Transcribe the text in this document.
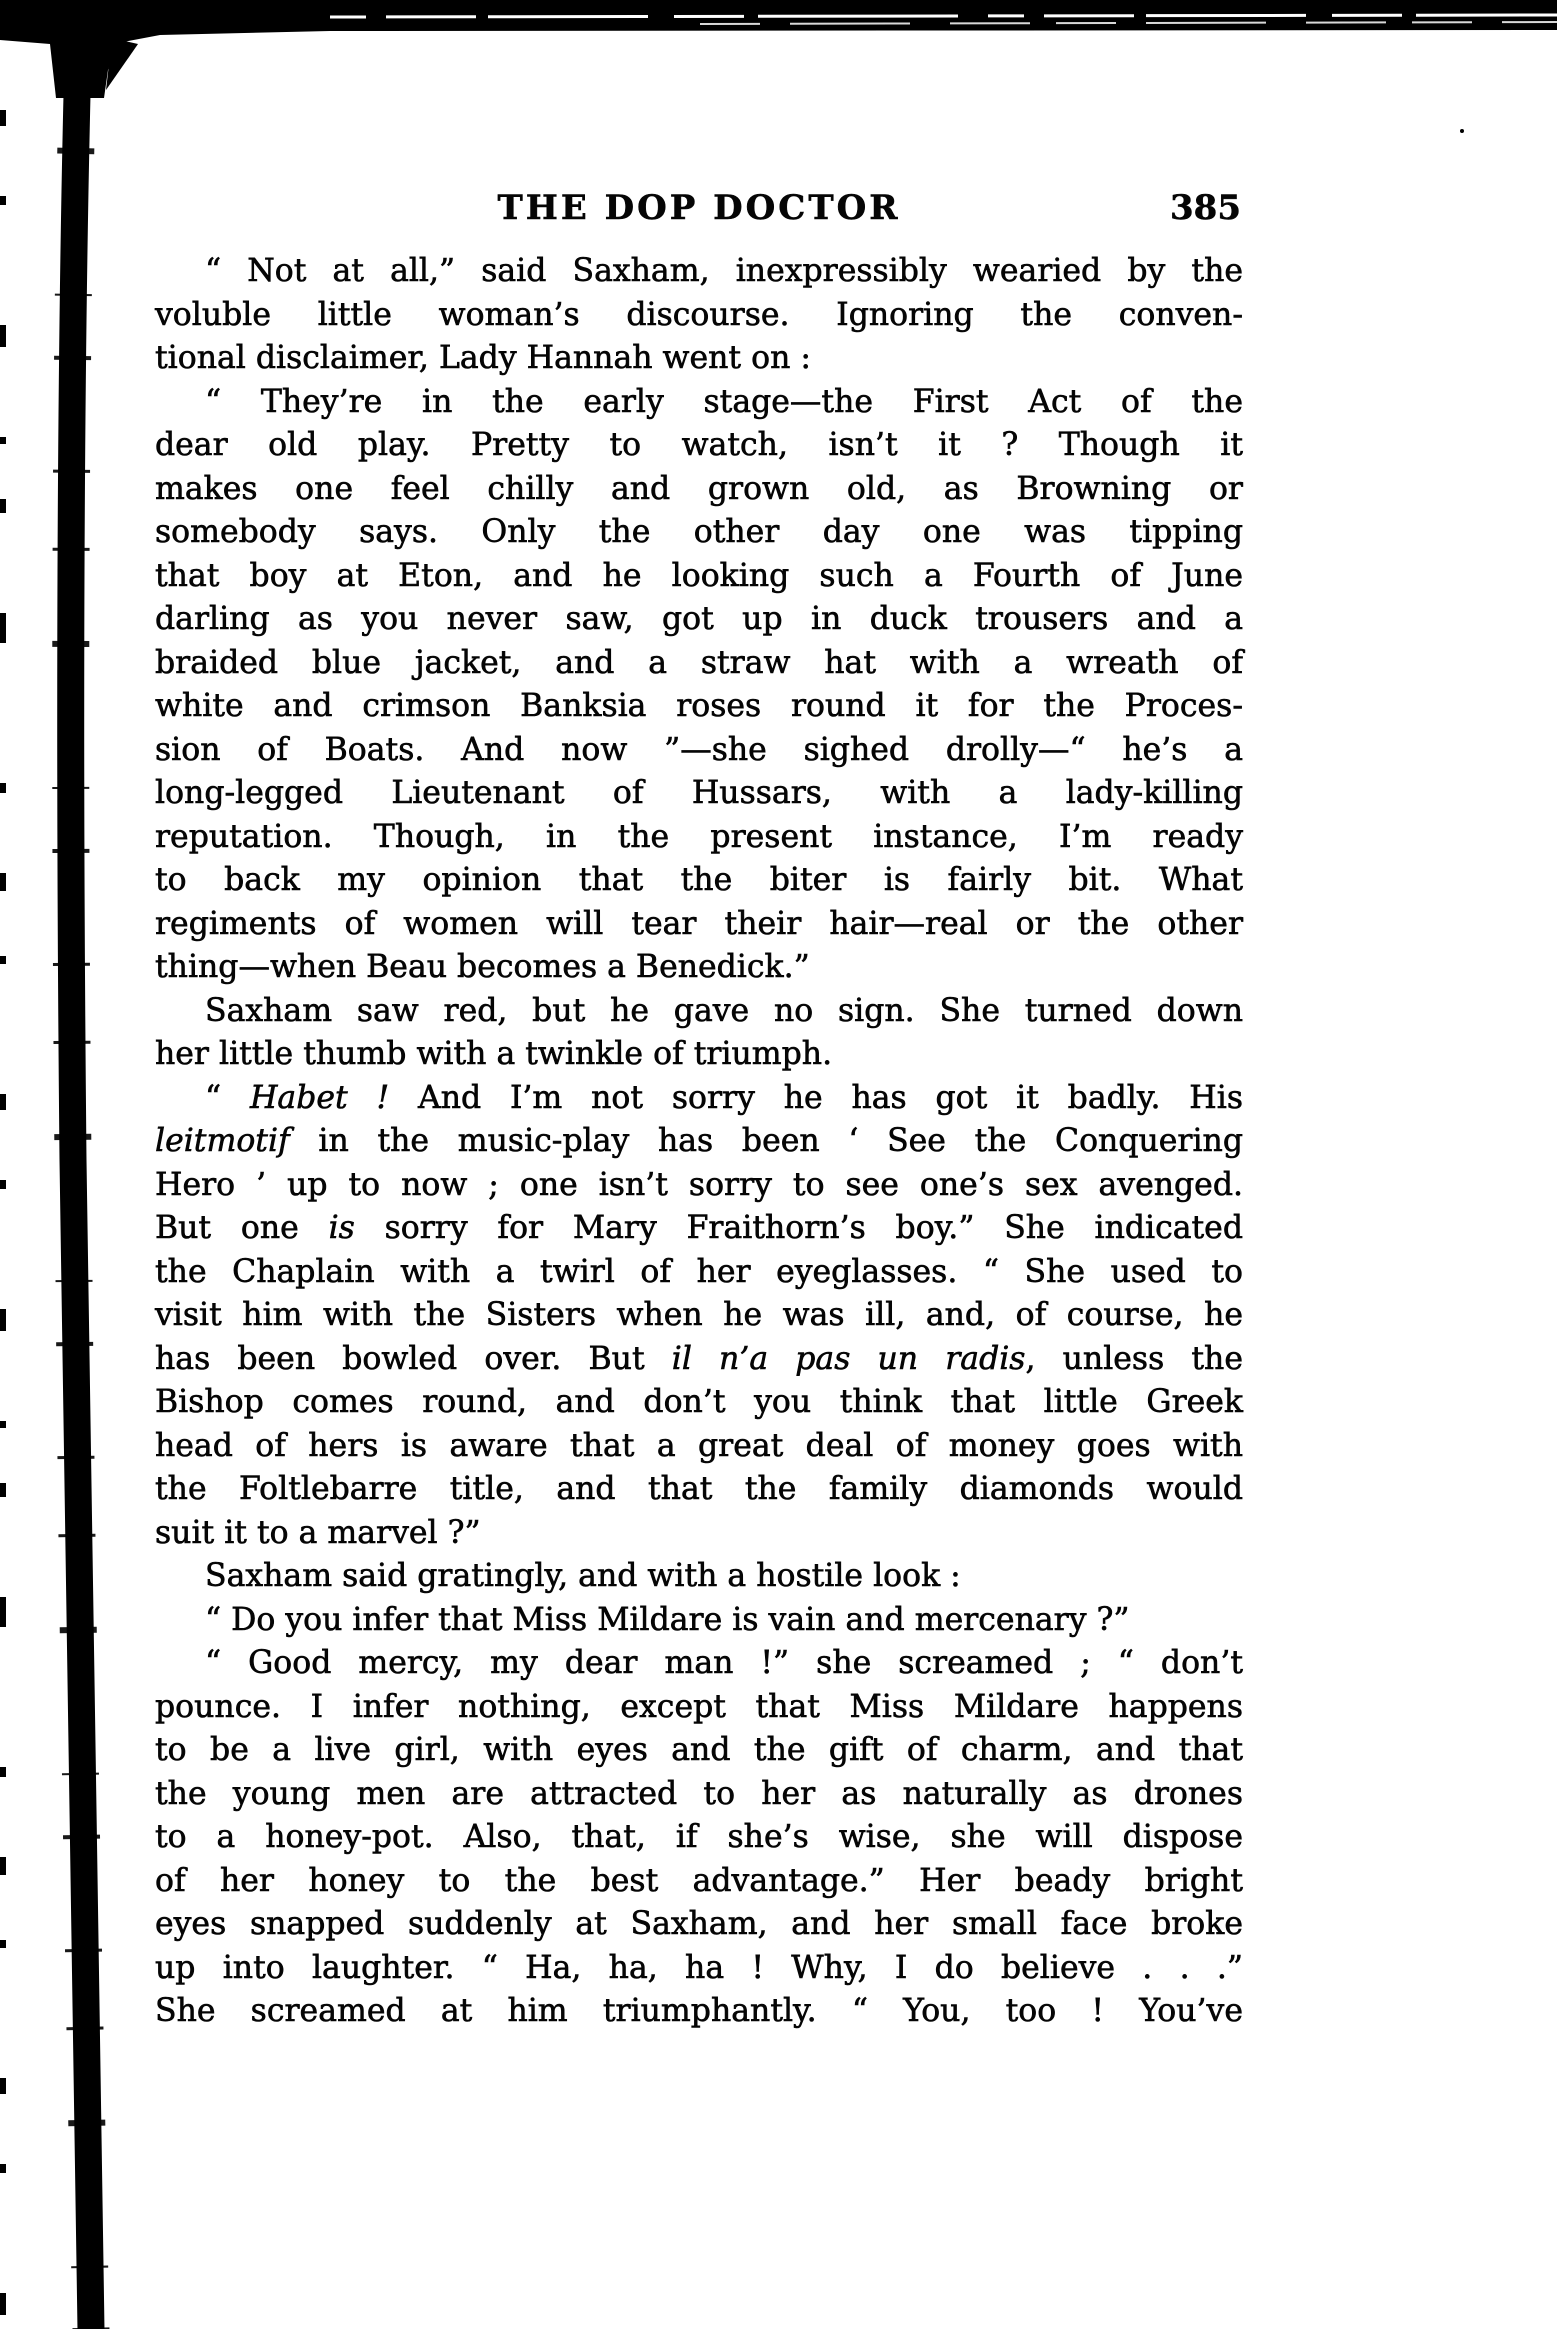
THE DOP DOCTOR	385
“ Not at all,” said Saxham, inexpressibly wearied by the
voluble little woman’s discourse. Ignoring the conven-
tional disclaimer, Lady Hannah went on :
“ They’re in the early stage—the First Act of the
dear old play. Pretty to watch, isn’t it ? Though it
makes one feel chilly and grown old, as Browning or
somebody says. Only the other day one was tipping
that boy at Eton, and he looking such a Fourth of June
darling as you never saw, got up in duck trousers and a
braided blue jacket, and a straw hat with a wreath of
white and crimson Banksia roses round it for the Proces-
sion of Boats. And now ”—she sighed drolly—“ he’s a
long-legged Lieutenant of Hussars, with a lady-killing
reputation. Though, in the present instance, I’m ready
to back my opinion that the biter is fairly bit. What
regiments of women will tear their hair—real or the other
thing—when Beau becomes a Benedick.”
Saxham saw red, but he gave no sign. She turned down
her little thumb with a twinkle of triumph.
“ Habet ! And I’m not sorry he has got it badly. His
leitmotif in the music-play has been ‘ See the Conquering
Hero ’ up to now ; one isn’t sorry to see one’s sex avenged.
But one is sorry for Mary Fraithorn’s boy.” She indicated
the Chaplain with a twirl of her eyeglasses. “ She used to
visit him with the Sisters when he was ill, and, of course, he
has been bowled over. But il n’a pas un radis, unless the
Bishop comes round, and don’t you think that little Greek
head of hers is aware that a great deal of money goes with
the Foltlebarre title, and that the family diamonds would
suit it to a marvel ?”
Saxham said gratingly, and with a hostile look :
“ Do you infer that Miss Mildare is vain and mercenary ?”
“ Good mercy, my dear man !” she screamed ; “ don’t
pounce. I infer nothing, except that Miss Mildare happens
to be a live girl, with eyes and the gift of charm, and that
the young men are attracted to her as naturally as drones
to a honey-pot. Also, that, if she’s wise, she will dispose
of her honey to the best advantage.” Her beady bright
eyes snapped suddenly at Saxham, and her small face broke
up into laughter. “ Ha, ha, ha ! Why, I do believe . . .”
She screamed at him triumphantly. “ You, too ! You’ve
